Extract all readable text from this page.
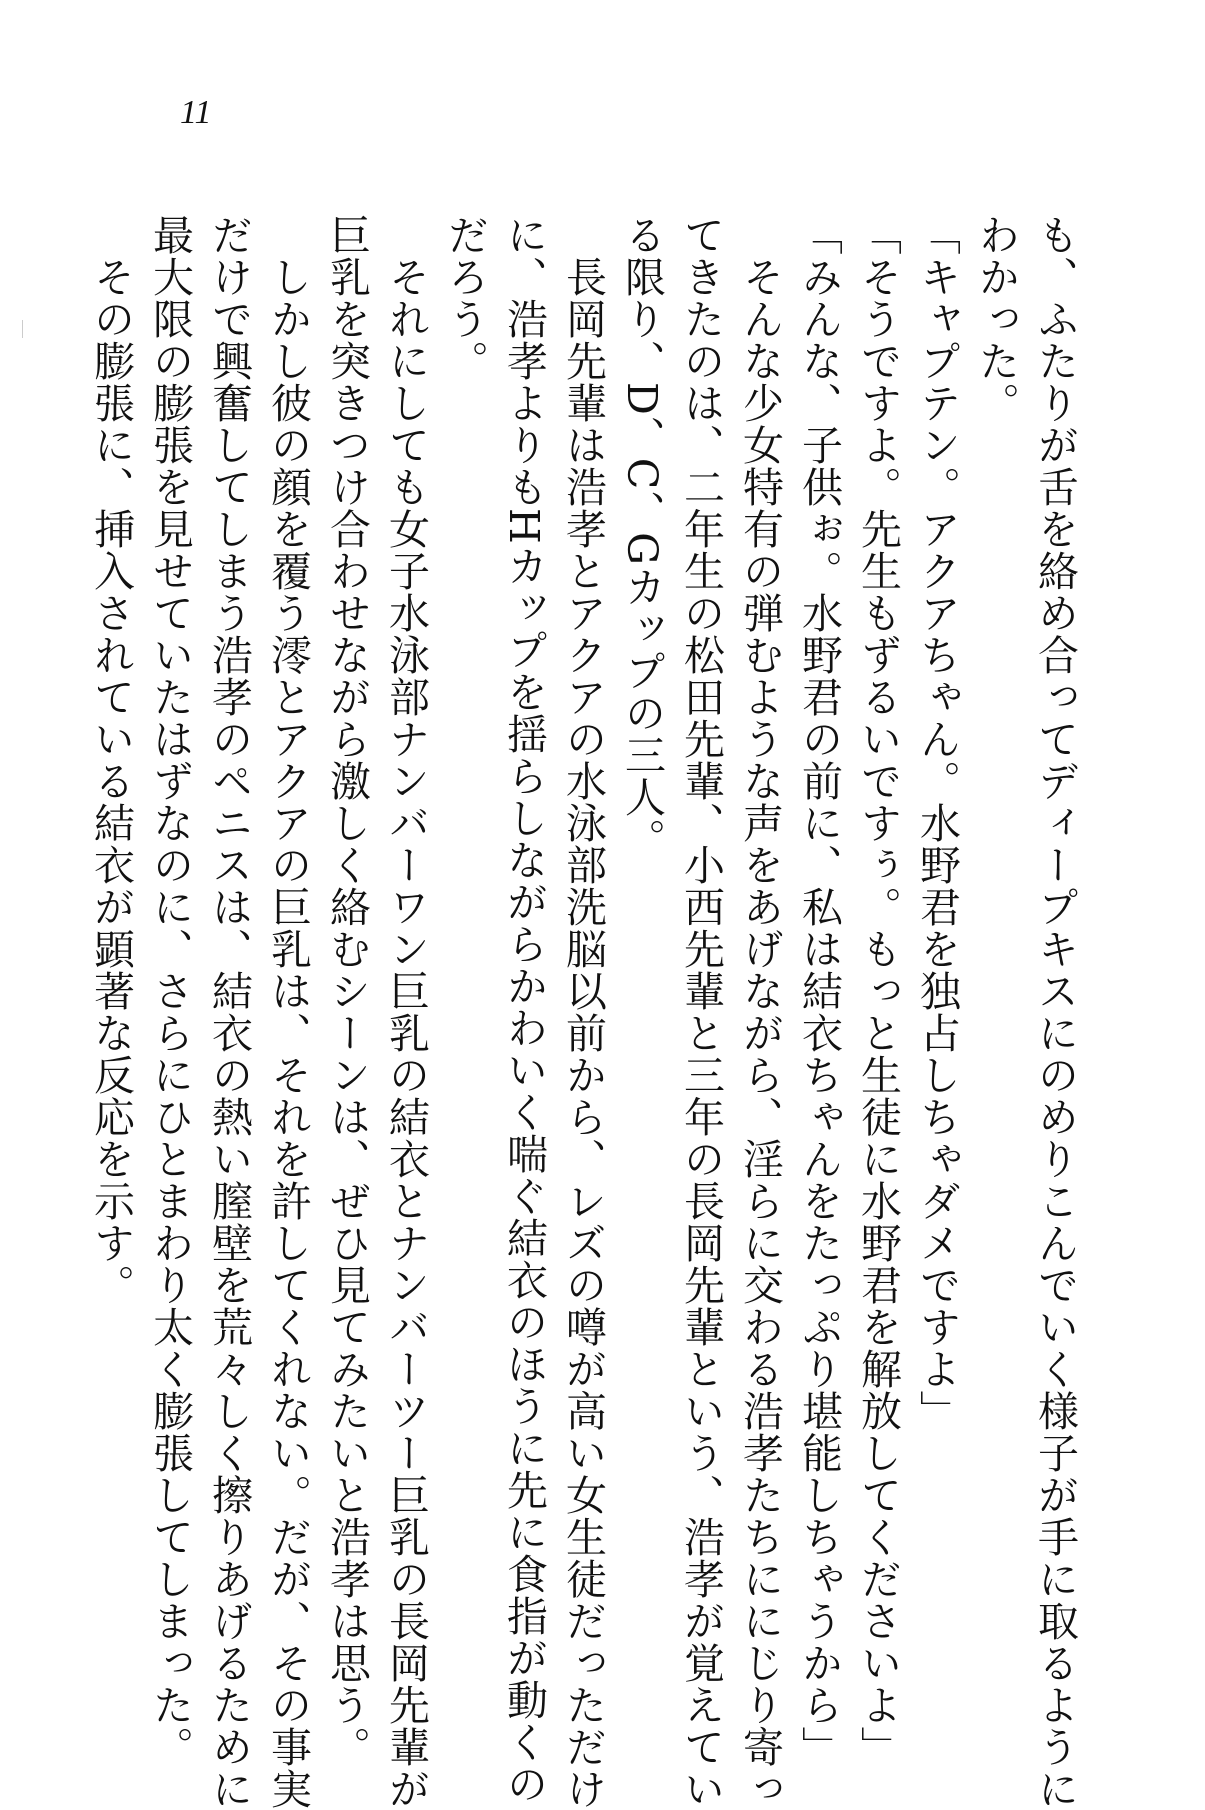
11
も、ふたりが舌を絡め合ってディープキスにのめりこんでいく様子が手に取るように
わかった。
「キャプテン。アクアちゃん。水野君を独占しちゃダメですよ」
「そうですよ。先生もずるいですぅ。もっと生徒に水野君を解放してくださいよ」
「みんな、子供ぉ。水野君の前に、私は結衣ちゃんをたっぷり堪能しちゃうから」
　そんな少女特有の弾むような声をあげながら、淫らに交わる浩孝たちににじり寄っ
てきたのは、二年生の松田先輩、小西先輩と三年の長岡先輩という、浩孝が覚えてい
る限り、D、C、Gカップの三人。
　長岡先輩は浩孝とアクアの水泳部洗脳以前から、レズの噂が高い女生徒だっただけ
に、浩孝よりもHカップを揺らしながらかわいく喘ぐ結衣のほうに先に食指が動くの
だろう。
　それにしても女子水泳部ナンバーワン巨乳の結衣とナンバーツー巨乳の長岡先輩が
巨乳を突きつけ合わせながら激しく絡むシーンは、ぜひ見てみたいと浩孝は思う。
　しかし彼の顔を覆う澪とアクアの巨乳は、それを許してくれない。だが、その事実
だけで興奮してしまう浩孝のペニスは、結衣の熱い膣壁を荒々しく擦りあげるために
最大限の膨張を見せていたはずなのに、さらにひとまわり太く膨張してしまった。
　その膨張に、挿入されている結衣が顕著な反応を示す。
